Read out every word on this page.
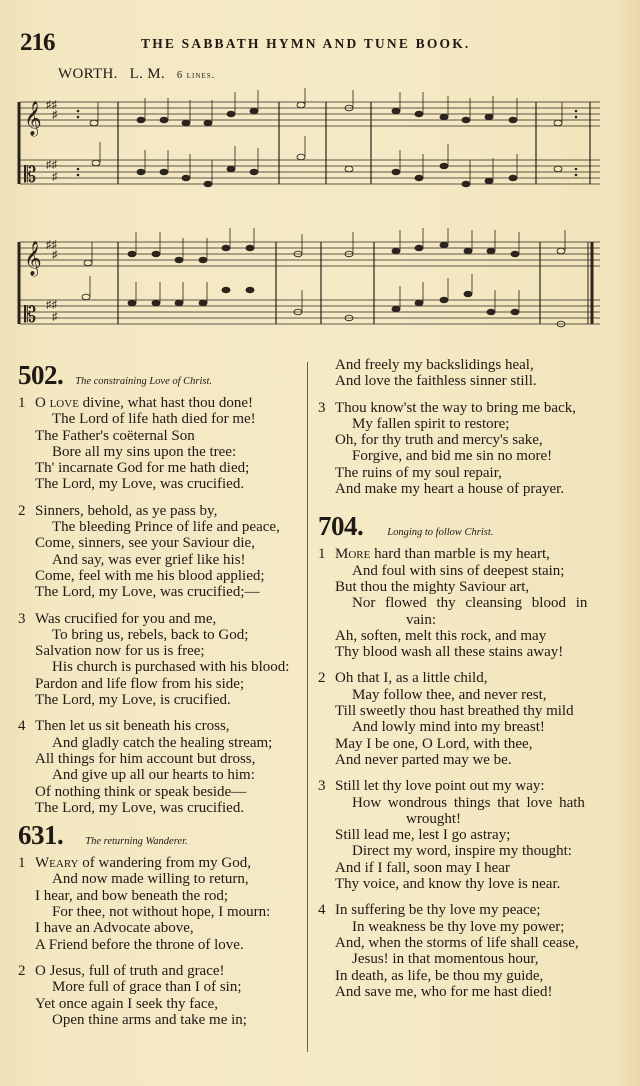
216	THE SABBATH HYMN AND TUNE BOOK.
WORTH. L. M. 6 lines.
𝄞
𝄡
♯♯
♯
♯♯
♯
𝄞
𝄡
♯♯
♯
♯♯
♯
502. The constraining Love of Christ.
1 O love divine, what hast thou done!
The Lord of life hath died for me!
The Father's coëternal Son
Bore all my sins upon the tree:
Th' incarnate God for me hath died;
The Lord, my Love, was crucified.
2 Sinners, behold, as ye pass by,
The bleeding Prince of life and peace,
Come, sinners, see your Saviour die,
And say, was ever grief like his!
Come, feel with me his blood applied;
The Lord, my Love, was crucified;—
3 Was crucified for you and me,
To bring us, rebels, back to God;
Salvation now for us is free;
His church is purchased with his blood:
Pardon and life flow from his side;
The Lord, my Love, is crucified.
4 Then let us sit beneath his cross,
And gladly catch the healing stream;
All things for him account but dross,
And give up all our hearts to him:
Of nothing think or speak beside—
The Lord, my Love, was crucified.
631. The returning Wanderer.
1 Weary of wandering from my God,
And now made willing to return,
I hear, and bow beneath the rod;
For thee, not without hope, I mourn:
I have an Advocate above,
A Friend before the throne of love.
2 O Jesus, full of truth and grace!
More full of grace than I of sin;
Yet once again I seek thy face,
Open thine arms and take me in;
And freely my backslidings heal,
And love the faithless sinner still.
3 Thou know'st the way to bring me back,
My fallen spirit to restore;
Oh, for thy truth and mercy's sake,
Forgive, and bid me sin no more!
The ruins of my soul repair,
And make my heart a house of prayer.
704. Longing to follow Christ.
1 More hard than marble is my heart,
And foul with sins of deepest stain;
But thou the mighty Saviour art,
Nor flowed thy cleansing blood in
vain:
Ah, soften, melt this rock, and may
Thy blood wash all these stains away!
2 Oh that I, as a little child,
May follow thee, and never rest,
Till sweetly thou hast breathed thy mild
And lowly mind into my breast!
May I be one, O Lord, with thee,
And never parted may we be.
3 Still let thy love point out my way:
How wondrous things that love hath
wrought!
Still lead me, lest I go astray;
Direct my word, inspire my thought:
And if I fall, soon may I hear
Thy voice, and know thy love is near.
4 In suffering be thy love my peace;
In weakness be thy love my power;
And, when the storms of life shall cease,
Jesus! in that momentous hour,
In death, as life, be thou my guide,
And save me, who for me hast died!
